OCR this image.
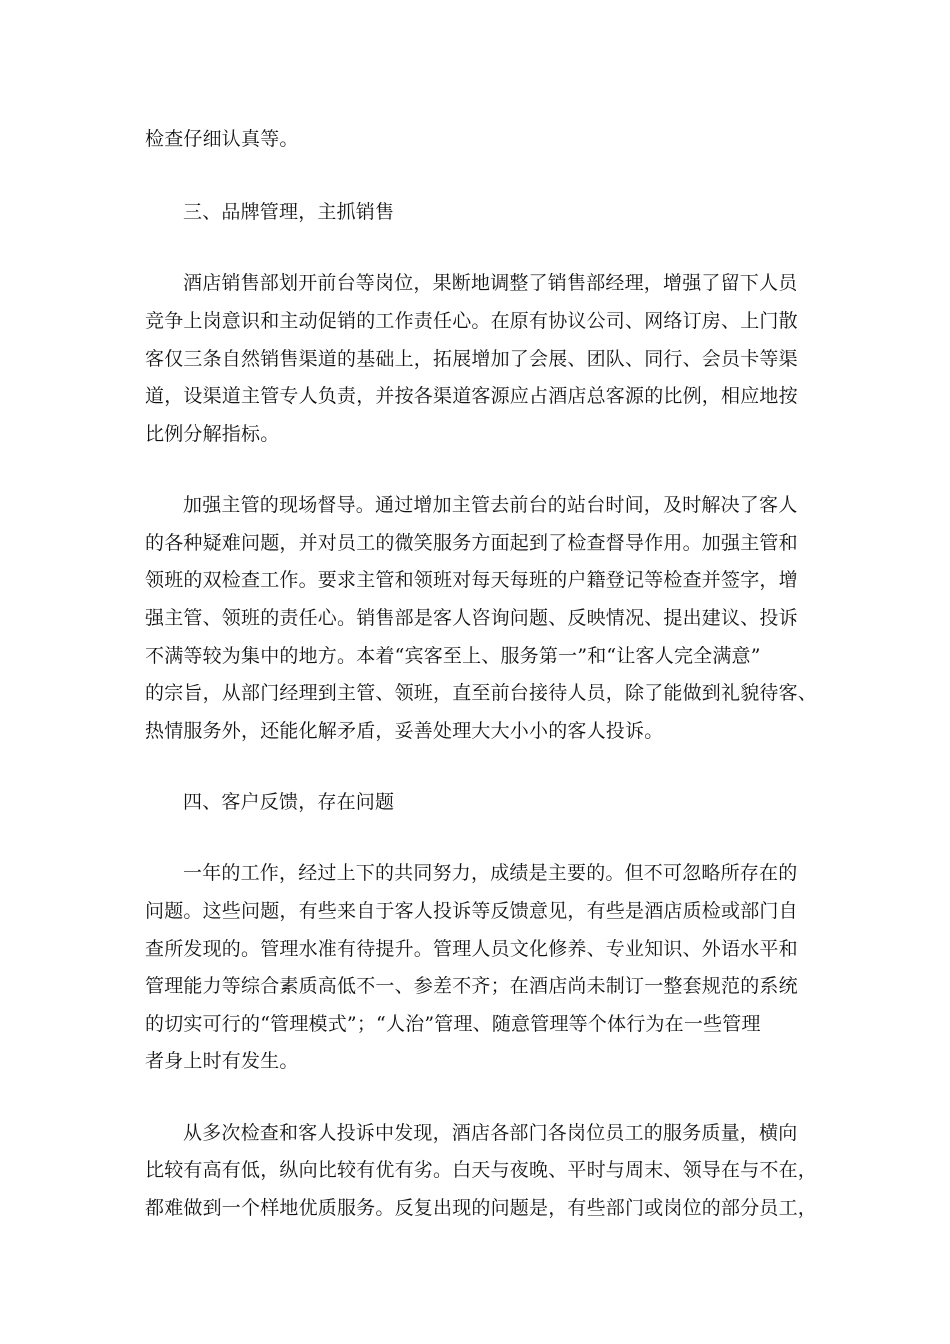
检查仔细认真等。
三、品牌管理，主抓销售
酒店销售部划开前台等岗位，果断地调整了销售部经理，增强了留下人员
竞争上岗意识和主动促销的工作责任心。在原有协议公司、网络订房、上门散
客仅三条自然销售渠道的基础上，拓展增加了会展、团队、同行、会员卡等渠
道，设渠道主管专人负责，并按各渠道客源应占酒店总客源的比例，相应地按
比例分解指标。
加强主管的现场督导。通过增加主管去前台的站台时间，及时解决了客人
的各种疑难问题，并对员工的微笑服务方面起到了检查督导作用。加强主管和
领班的双检查工作。要求主管和领班对每天每班的户籍登记等检查并签字，增
强主管、领班的责任心。销售部是客人咨询问题、反映情况、提出建议、投诉
不满等较为集中的地方。本着“宾客至上、服务第一”和“让客人完全满意”
的宗旨，从部门经理到主管、领班，直至前台接待人员，除了能做到礼貌待客、
热情服务外，还能化解矛盾，妥善处理大大小小的客人投诉。
四、客户反馈，存在问题
一年的工作，经过上下的共同努力，成绩是主要的。但不可忽略所存在的
问题。这些问题，有些来自于客人投诉等反馈意见，有些是酒店质检或部门自
查所发现的。管理水准有待提升。管理人员文化修养、专业知识、外语水平和
管理能力等综合素质高低不一、参差不齐；在酒店尚未制订一整套规范的系统
的切实可行的“管理模式”；“人治”管理、随意管理等个体行为在一些管理
者身上时有发生。
从多次检查和客人投诉中发现，酒店各部门各岗位员工的服务质量，横向
比较有高有低，纵向比较有优有劣。白天与夜晚、平时与周末、领导在与不在，
都难做到一个样地优质服务。反复出现的问题是，有些部门或岗位的部分员工，
